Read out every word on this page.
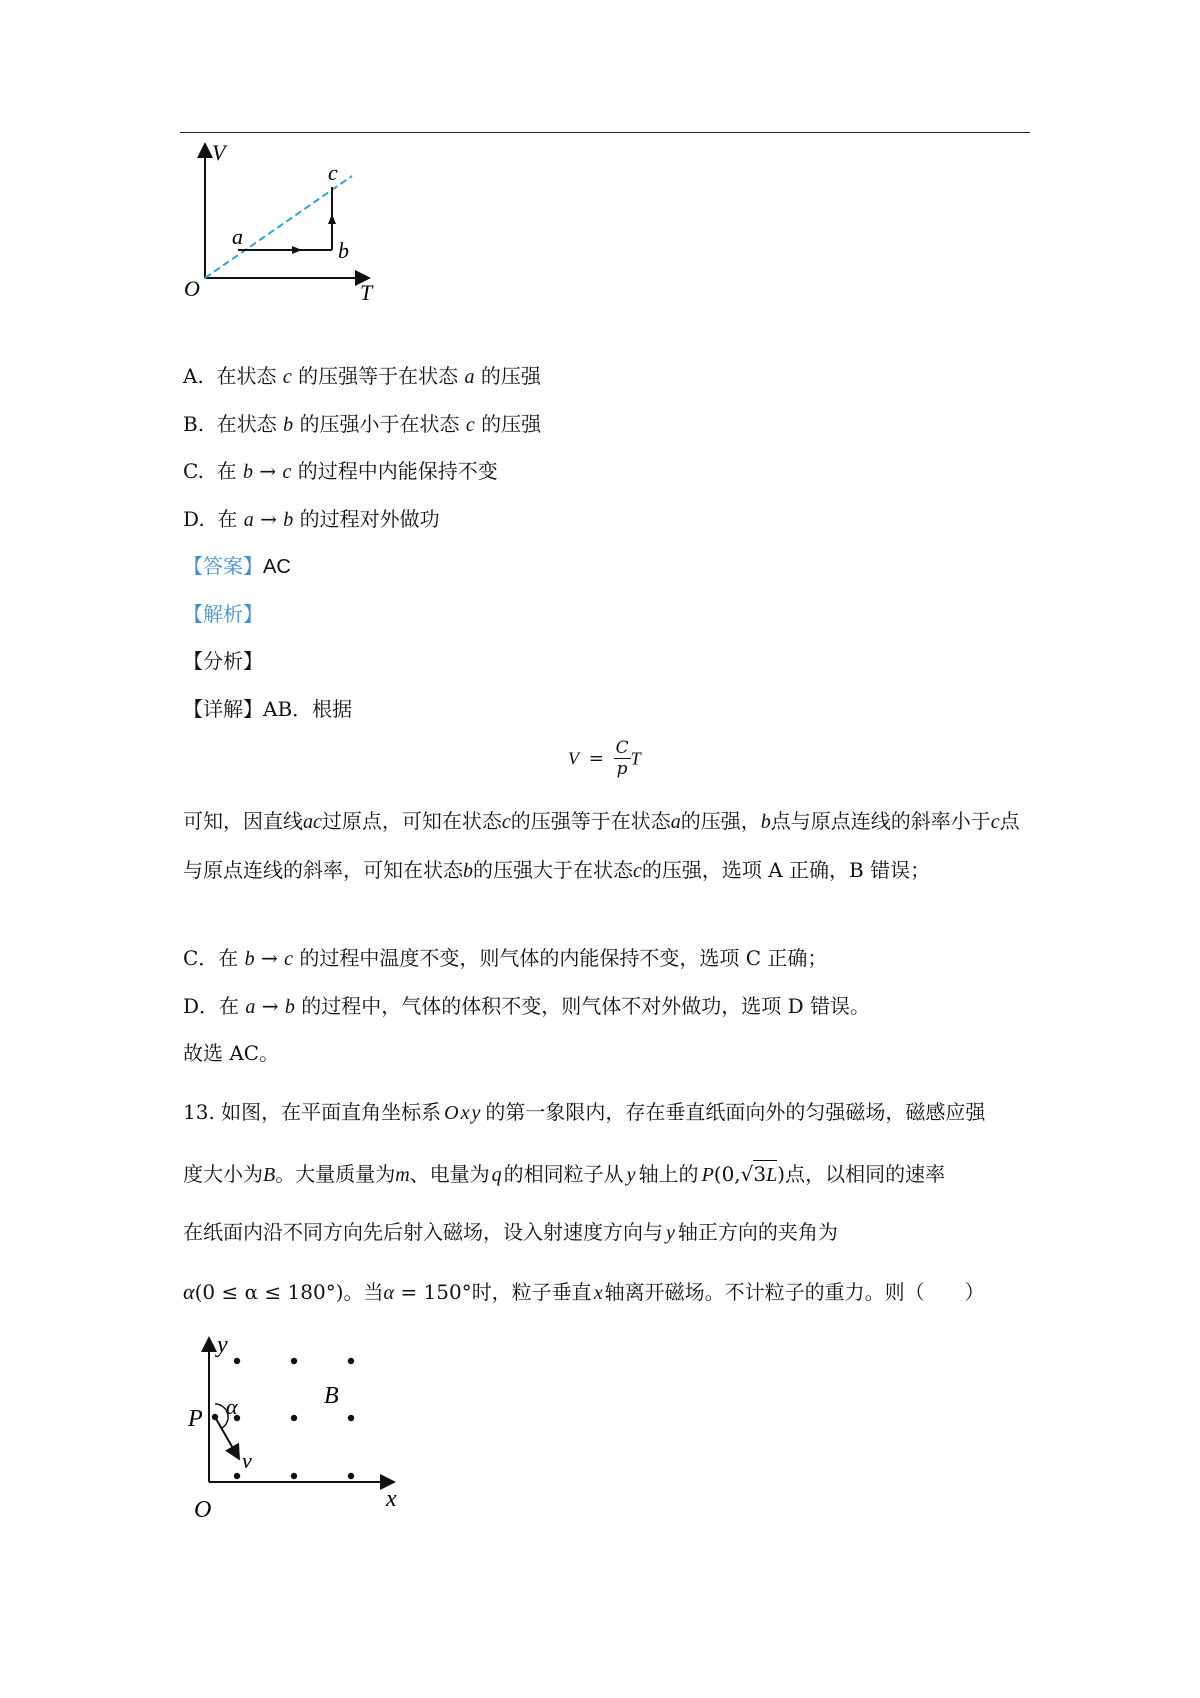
V
T
O
a
b
c
A. 在状态 c 的压强等于在状态 a 的压强
B. 在状态 b 的压强小于在状态 c 的压强
C. 在 b → c 的过程中内能保持不变
D. 在 a → b 的过程对外做功
【答案】AC
【解析】
【分析】
【详解】AB．根据
$V = \frac{C}{p}$ T
可知，因直线ac过原点，可知在状态c的压强等于在状态a的压强，b点与原点连线的斜率小于c点与原点连线的斜率，可知在状态b的压强大于在状态c的压强，选项 A 正确，B 错误；
C．在 b → c 的过程中温度不变，则气体的内能保持不变，选项 C 正确；
D．在 a → b 的过程中，气体的体积不变，则气体不对外做功，选项 D 错误。
故选 AC。
13. 如图，在平面直角坐标系 Oxy 的第一象限内，存在垂直纸面向外的匀强磁场，磁感应强
度大小为B。大量质量为m、电量为 q 的相同粒子从 y 轴上的 P(0,√3L)点，以相同的速率
在纸面内沿不同方向先后射入磁场，设入射速度方向与 y 轴正方向的夹角为
α(0 ≤ α ≤ 180°)。当α = 150°时，粒子垂直 x 轴离开磁场。不计粒子的重力。则（　　）
y
x
O
B
P α
v
